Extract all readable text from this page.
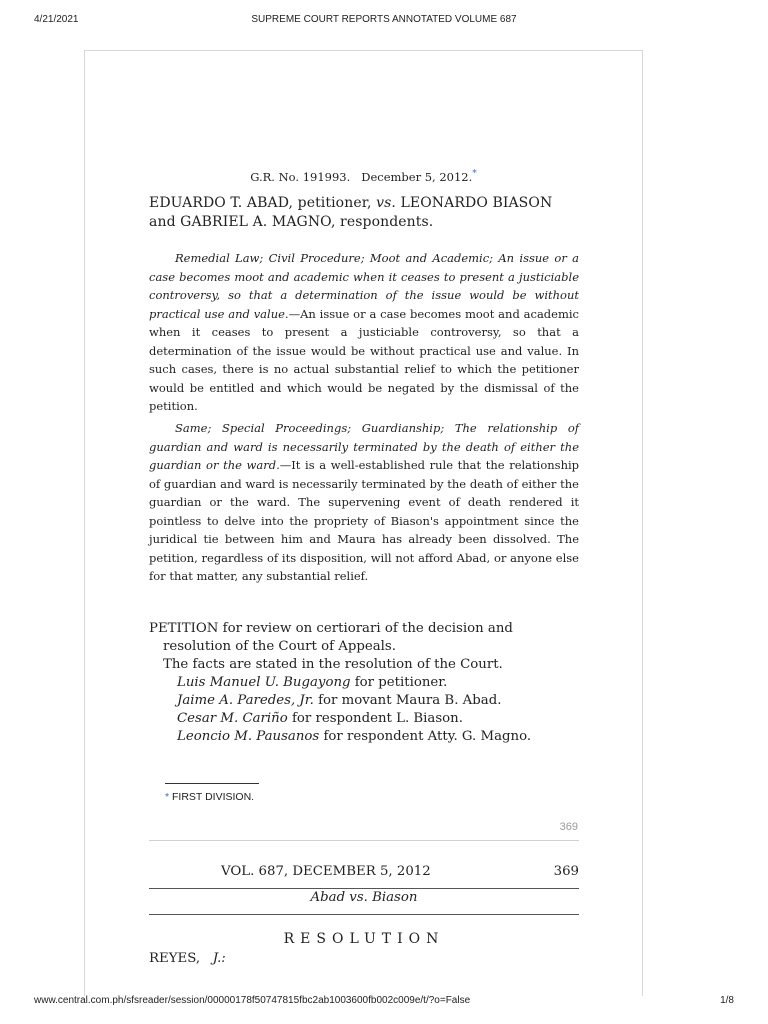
4/21/2021	SUPREME COURT REPORTS ANNOTATED VOLUME 687
G.R. No. 191993. December 5, 2012.*
EDUARDO T. ABAD, petitioner, vs. LEONARDO BIASON
and GABRIEL A. MAGNO, respondents.

Remedial Law; Civil Procedure; Moot and Academic; An issue or a case becomes moot and academic when it ceases to present a justiciable controversy, so that a determination of the issue would be without practical use and value.—An issue or a case becomes moot and academic when it ceases to present a justiciable controversy, so that a determination of the issue would be without practical use and value. In such cases, there is no actual substantial relief to which the petitioner would be entitled and which would be negated by the dismissal of the petition.

Same; Special Proceedings; Guardianship; The relationship of guardian and ward is necessarily terminated by the death of either the guardian or the ward.—It is a well-established rule that the relationship of guardian and ward is necessarily terminated by the death of either the guardian or the ward. The supervening event of death rendered it pointless to delve into the propriety of Biason's appointment since the juridical tie between him and Maura has already been dissolved. The petition, regardless of its disposition, will not afford Abad, or anyone else for that matter, any substantial relief.

PETITION for review on certiorari of the decision and
resolution of the Court of Appeals.
The facts are stated in the resolution of the Court.
Luis Manuel U. Bugayong for petitioner.
Jaime A. Paredes, Jr. for movant Maura B. Abad.
Cesar M. Cariño for respondent L. Biason.
Leoncio M. Pausanos for respondent Atty. G. Magno.
* FIRST DIVISION.
369
VOL. 687, DECEMBER 5, 2012	369
Abad vs. Biason
RESOLUTION
REYES, J.:
www.central.com.ph/sfsreader/session/00000178f50747815fbc2ab1003600fb002c009e/t/?o=False	1/8
